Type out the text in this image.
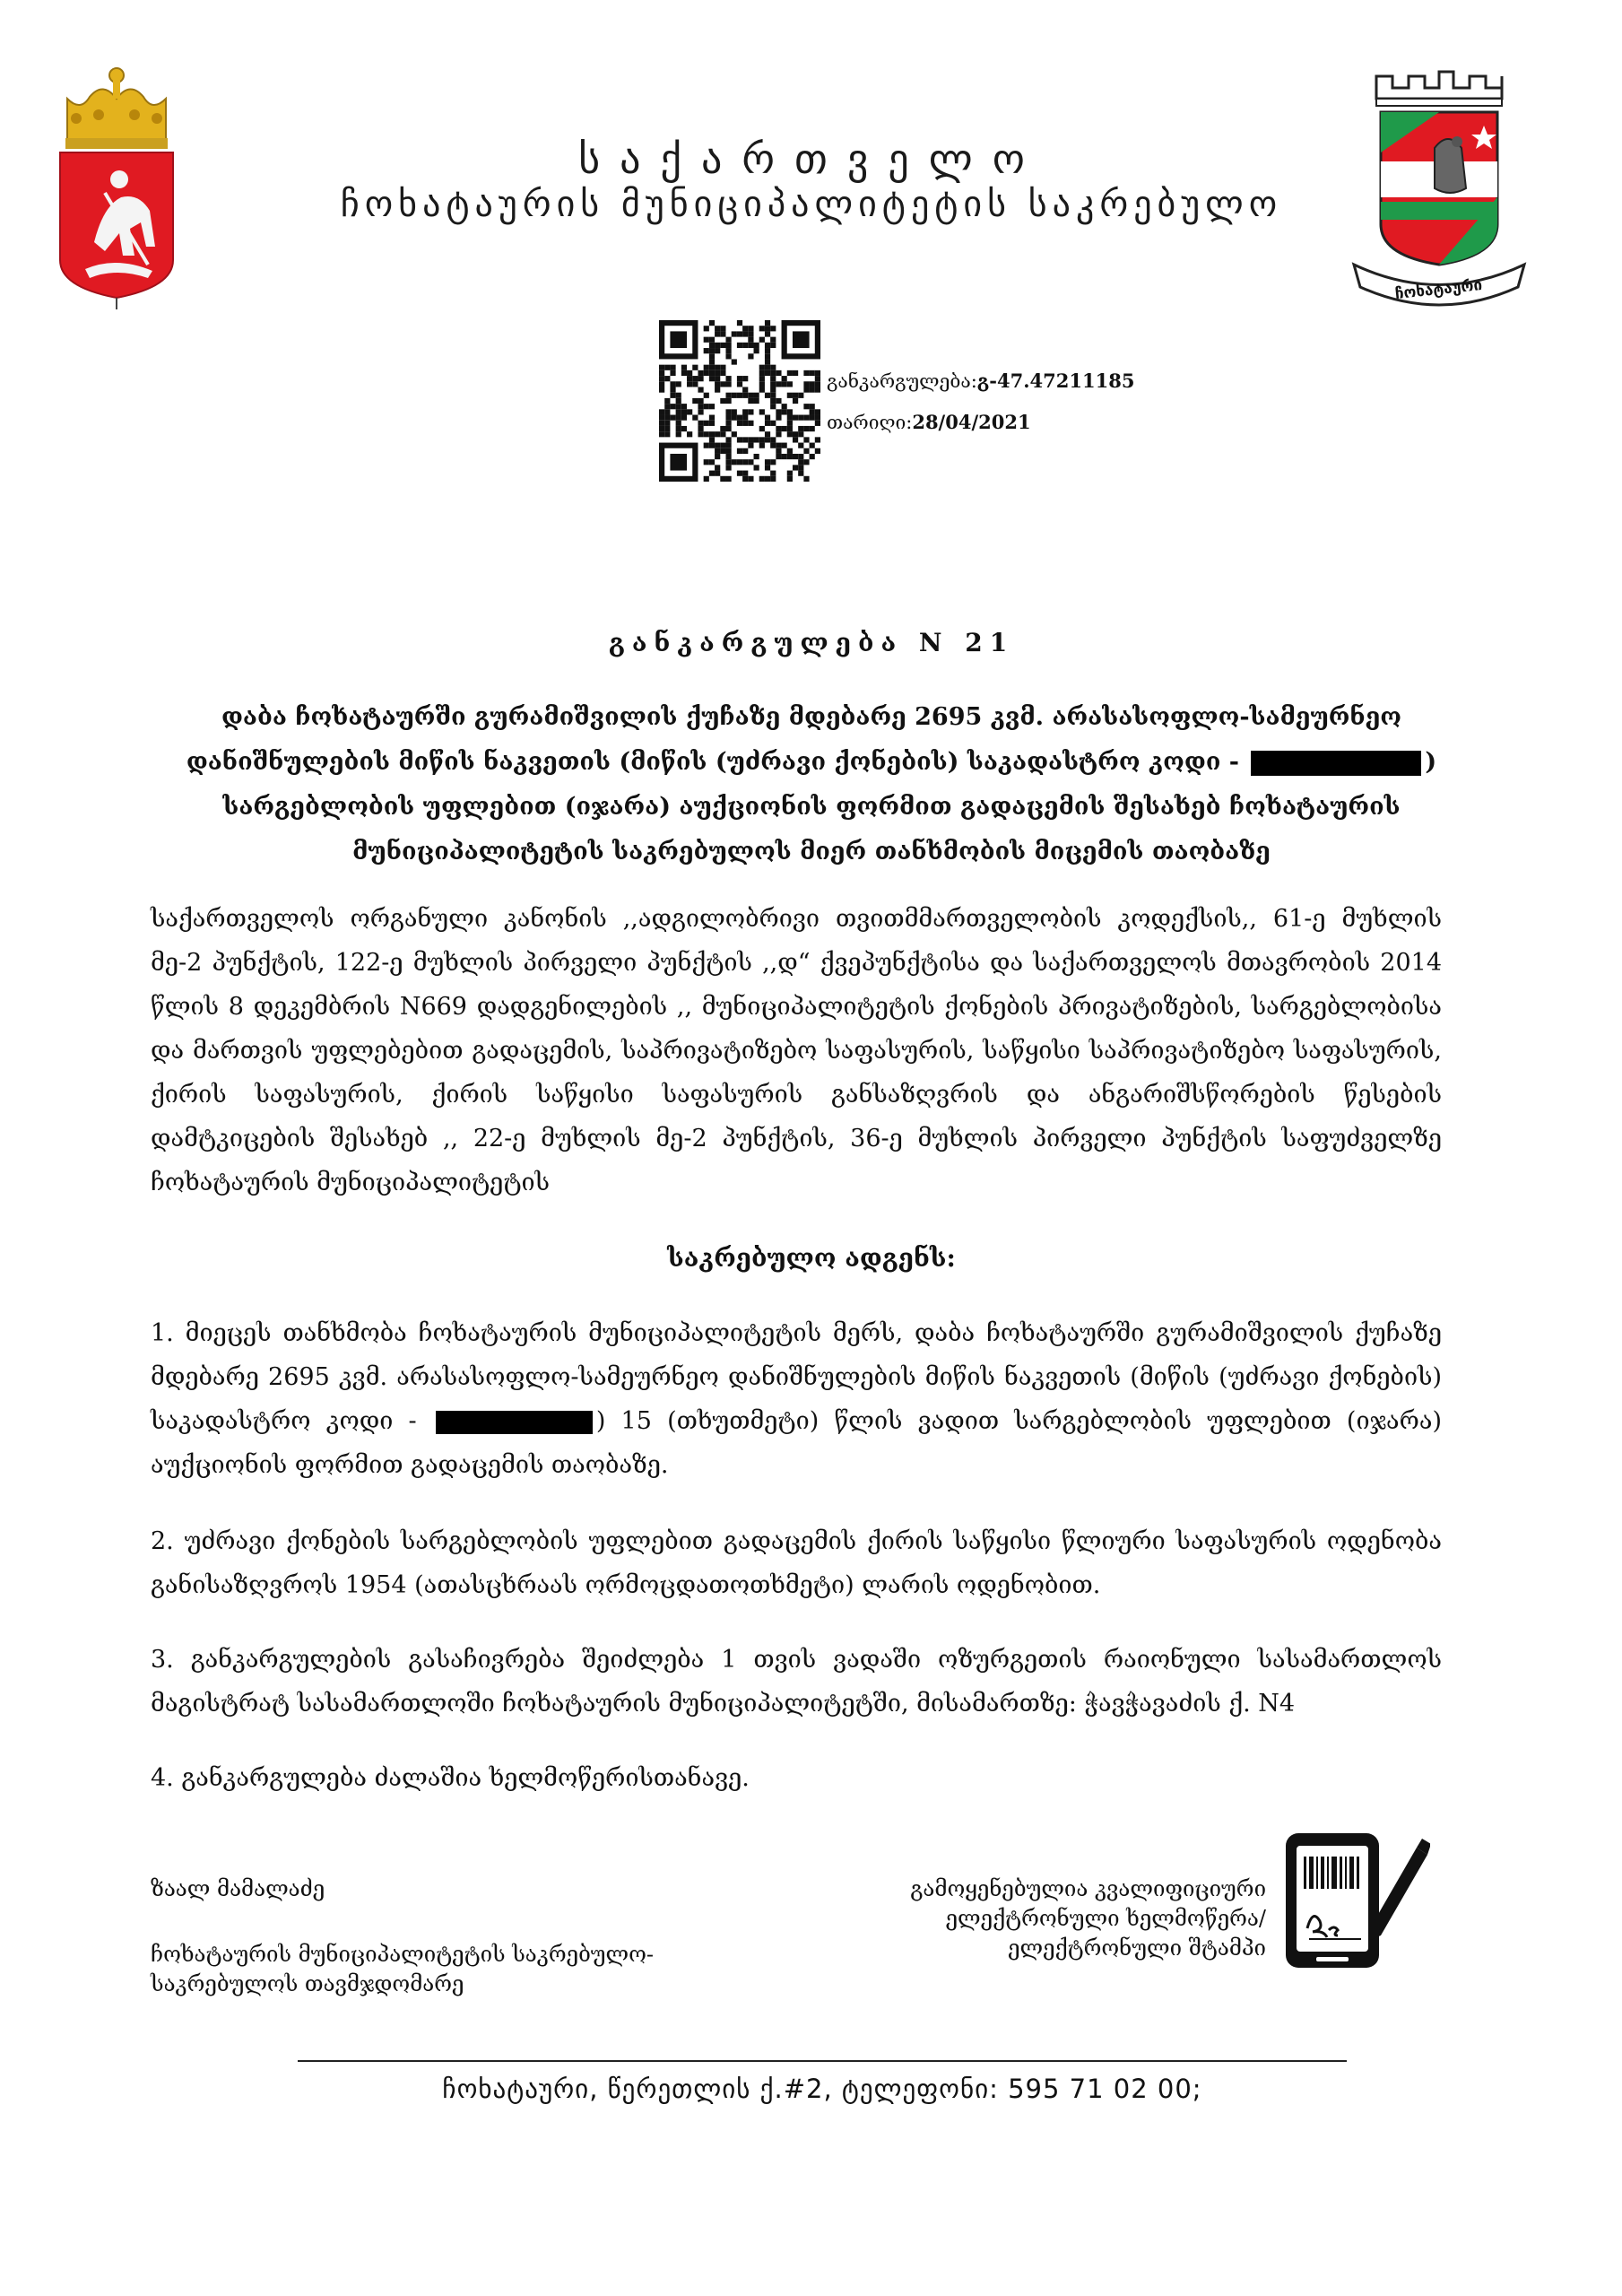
საქართველო
ჩოხატაურის მუნიციპალიტეტის საკრებულო
ჩოხატაური
განკარგულება:გ-47.47211185
თარიღი:28/04/2021
განკარგულება N 21
დაბა ჩოხატაურში გურამიშვილის ქუჩაზე მდებარე 2695 კვმ. არასასოფლო-სამეურნეო დანიშნულების მიწის ნაკვეთის (მიწის (უძრავი ქონების) საკადასტრო კოდი -	) სარგებლობის უფლებით (იჯარა) აუქციონის ფორმით გადაცემის შესახებ ჩოხატაურის მუნიციპალიტეტის საკრებულოს მიერ თანხმობის მიცემის თაობაზე
საქართველოს ორგანული კანონის ,,ადგილობრივი თვითმმართველობის კოდექსის,, 61-ე მუხლის მე-2 პუნქტის, 122-ე მუხლის პირველი პუნქტის ,,დ“ ქვეპუნქტისა და საქართველოს მთავრობის 2014 წლის 8 დეკემბრის N669 დადგენილების ,, მუნიციპალიტეტის ქონების პრივატიზების, სარგებლობისა და მართვის უფლებებით გადაცემის, საპრივატიზებო საფასურის, საწყისი საპრივატიზებო საფასურის, ქირის საფასურის, ქირის საწყისი საფასურის განსაზღვრის და ანგარიშსწორების წესების დამტკიცების შესახებ ,, 22-ე მუხლის მე-2 პუნქტის, 36-ე მუხლის პირველი პუნქტის საფუძველზე ჩოხატაურის მუნიციპალიტეტის
საკრებულო ადგენს:
1. მიეცეს თანხმობა ჩოხატაურის მუნიციპალიტეტის მერს, დაბა ჩოხატაურში გურამიშვილის ქუჩაზე მდებარე 2695 კვმ. არასასოფლო-სამეურნეო დანიშნულების მიწის ნაკვეთის (მიწის (უძრავი ქონების) საკადასტრო კოდი -	) 15 (თხუთმეტი) წლის ვადით სარგებლობის უფლებით (იჯარა) აუქციონის ფორმით გადაცემის თაობაზე.
2. უძრავი ქონების სარგებლობის უფლებით გადაცემის ქირის საწყისი წლიური საფასურის ოდენობა განისაზღვროს 1954 (ათასცხრაას ორმოცდათოთხმეტი) ლარის ოდენობით.
3. განკარგულების გასაჩივრება შეიძლება 1 თვის ვადაში ოზურგეთის რაიონული სასამართლოს მაგისტრატ სასამართლოში ჩოხატაურის მუნიციპალიტეტში, მისამართზე: ჭავჭავაძის ქ. N4
4. განკარგულება ძალაშია ხელმოწერისთანავე.
ზაალ მამალაძე
ჩოხატაურის მუნიციპალიტეტის საკრებულო-
საკრებულოს თავმჯდომარე
გამოყენებულია კვალიფიციური
ელექტრონული ხელმოწერა/
ელექტრონული შტამპი
ჩოხატაური, წერეთლის ქ.#2, ტელეფონი: 595 71 02 00;
